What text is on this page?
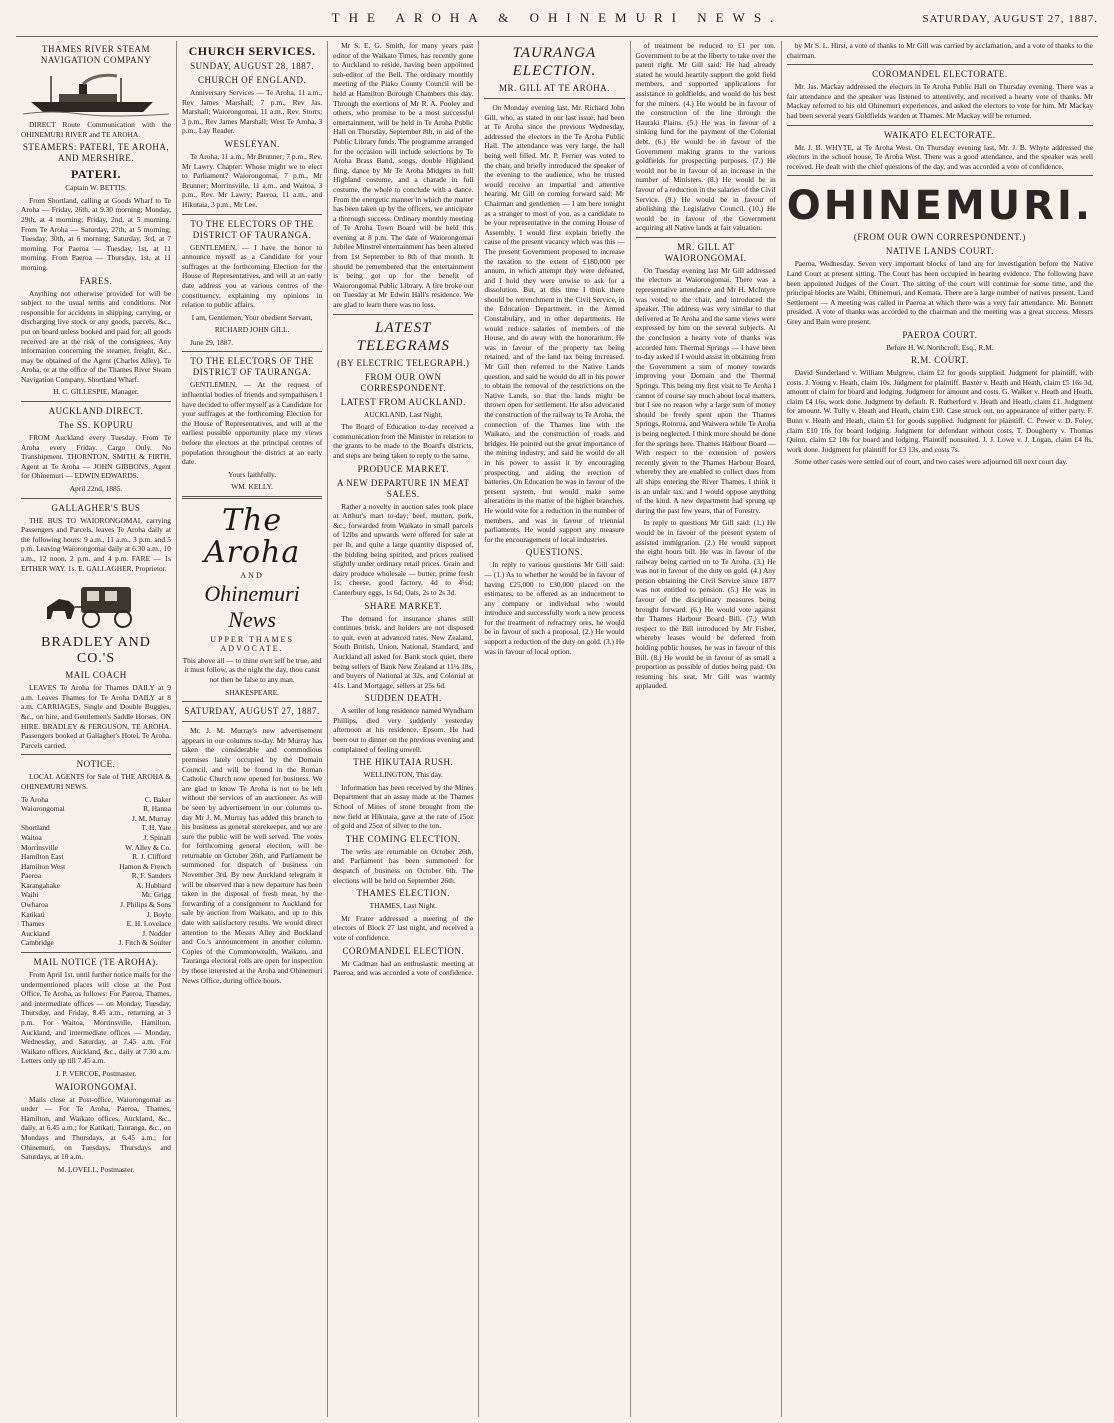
THE AROHA & OHINEMURI NEWS.	SATURDAY, AUGUST 27, 1887.
THAMES RIVER STEAM NAVIGATION COMPANY

DIRECT Route Communication with the OHINEMURI RIVER and TE AROHA.

STEAMERS: PATERI, TE AROHA, AND MERSHIRE.
PATERI.

Captain W. BETTIS.

From Shortland, calling at Goods Wharf to Te Aroha — Friday, 26th, at 9.30 morning; Monday, 29th, at 4 morning; Friday, 2nd, at 5 morning. From Te Aroha — Saturday, 27th, at 5 morning; Tuesday, 30th, at 6 morning; Saturday, 3rd, at 7 morning. For Paeroa — Tuesday, 1st, at 11 morning. From Paeroa — Thursday, 1st, at 11 morning.

FARES.

Anything not otherwise provided for will be subject to the usual terms and conditions. Not responsible for accidents in shipping, carrying, or discharging live stock or any goods, parcels, &c., put on board unless booked and paid for; all goods received are at the risk of the consignees. Any information concerning the steamer, freight, &c., may be obtained of the Agent (Charles Alley), Te Aroha, or at the office of the Thames River Steam Navigation Company, Shortland Wharf.

H. C. GILLESPIE, Manager.

AUCKLAND DIRECT.
The SS. KOPURU

FROM Auckland every Tuesday. From Te Aroha every Friday. Cargo Only. No Transhipment. THORNTON, SMITH & FIRTH, Agent at Te Aroha — JOHN GIBBONS. Agent for Ohinemuri — EDWIN EDWARDS.

April 22nd, 1885.

GALLAGHER'S BUS

THE BUS TO WAIORONGOMAI, carrying Passengers and Parcels, leaves Te Aroha daily at the following hours: 9 a.m., 11 a.m., 3 p.m. and 5 p.m. Leaving Waiorongomai daily at 6.30 a.m., 10 a.m., 12 noon, 2 p.m. and 4 p.m. FARE — 1s EITHER WAY. 1s. E. GALLAGHER, Proprietor.

BRADLEY AND CO.'S
MAIL COACH

LEAVES Te Aroha for Thames DAILY at 9 a.m. Leaves Thames for Te Aroha DAILY at 8 a.m. CARRIAGES, Single and Double Buggies, &c., on hire, and Gentlemen's Saddle Horses, ON HIRE. BRADLEY & FERGUSON, TE AROHA. Passengers booked at Gallagher's Hotel, Te Aroha. Parcels carried.

NOTICE.

LOCAL AGENTS for Sale of THE AROHA & OHINEMURI NEWS.

Te Aroha	C. Baker
Waiorongomai	R. Hanna
J. M. Murray
Shortland	T. H. Yate
Waitoa	J. Spinall
Morrinsville	W. Alley & Co.
Hamilton East	R. J. Clifford
Hamilton West	Hamon & French
Paeroa	R. F. Sanders
Karangahake	A. Hubbard
Waihi	Mr. Grigg
Owharoa	J. Philips & Sons
Katikati	J. Boyle
Thames	E. H. Lovelace
Auckland	J. Nodder
Cambridge	J. Fitch & Soulter
MAIL NOTICE (TE AROHA).

From April 1st, until further notice mails for the undermentioned places will close at the Post Office, Te Aroha, as follows: For Paeroa, Thames, and intermediate offices — on Monday, Tuesday, Thursday, and Friday, 8.45 a.m., returning at 3 p.m. For Waitoa, Morrinsville, Hamilton, Auckland, and intermediate offices — Monday, Wednesday, and Saturday, at 7.45 a.m. For Waikato offices, Auckland, &c., daily at 7.30 a.m. Letters only up till 7.45 a.m.

J. P. VERCOE, Postmaster.

WAIORONGOMAI.

Mails close at Post-office, Waiorongomai as under — For Te Aroha, Paeroa, Thames, Hamilton, and Waikato offices, Auckland, &c., daily, at 6.45 a.m.; for Katikati, Tauranga, &c., on Mondays and Thursdays, at 6.45 a.m.; for Ohinemuri, on Tuesdays, Thursdays and Saturdays, at 10 a.m.

M. LOVELL, Postmaster.

CHURCH SERVICES.
SUNDAY, AUGUST 28, 1887.
CHURCH OF ENGLAND.

Anniversary Services — Te Aroha, 11 a.m., Rev James Marshall; 7 p.m., Rev Jas. Marshall; Waiorongomai, 11 a.m., Rev. Storrs; 3 p.m., Rev James Marshall; West Te Aroha, 3 p.m., Lay Reader.

WESLEYAN.

Te Aroha, 11 a.m., Mr Brunner; 7 p.m., Rev. Mr Lawry. Chapter: Whose might we to elect to Parliament? Waiorongomai, 7 p.m., Mr Brunner; Morrinsville, 11 a.m., and Waitoa, 3 p.m., Rev. Mr Lawry; Paeroa, 11 a.m., and Hikutaia, 3 p.m., Mr Lee.

TO THE ELECTORS OF THE DISTRICT OF TAURANGA.

GENTLEMEN, — I have the honor to announce myself as a Candidate for your suffrages at the forthcoming Election for the House of Representatives, and will at an early date address you at various centres of the constituency, explaining my opinions in relation to public affairs.

I am, Gentlemen, Your obedient Servant,

RICHARD JOHN GILL.

June 29, 1887.

TO THE ELECTORS OF THE DISTRICT OF TAURANGA.

GENTLEMEN, — At the request of influential bodies of friends and sympathisers I have decided to offer myself as a Candidate for your suffrages at the forthcoming Election for the House of Representatives, and will at the earliest possible opportunity place my views before the electors at the principal centres of population throughout the district at an early date.

Yours faithfully,

WM. KELLY.

The Aroha
AND
Ohinemuri News
UPPER THAMES ADVOCATE.

This above all — to thine own self be true, and it must follow, as the night the day, thou canst not then be false to any man.

SHAKESPEARE.

SATURDAY, AUGUST 27, 1887.

Mr. J. M. Murray's new advertisement appears in our columns to-day. Mr Murray has taken the considerable and commodious premises lately occupied by the Domain Council, and will be found in the Roman Catholic Church now opened for business. We are glad to know Te Aroha is not to be left without the services of an auctioneer. As will be seen by advertisement in our columns to-day Mr J. M. Murray has added this branch to his business as general storekeeper, and we are sure the public will be well served. The votes for forthcoming general election, will be returnable on October 26th, and Parliament be summoned for dispatch of business on November 3rd. By new Auckland telegram it will be observed that a new departure has been taken in the disposal of fresh meat, by the forwarding of a consignment to Auckland for sale by auction from Waikato, and up to this date with satisfactory results. We would direct attention to the Messrs Alley and Buckland and Co.'s announcement in another column. Copies of the Commonwealth, Waikato, and Tauranga electoral rolls are open for inspection by those interested at the Aroha and Ohinemuri News Office, during office hours.

Mr S. E. G. Smith, for many years past editor of the Waikato Times, has recently gone to Auckland to reside, having been appointed sub-editor of the Bell. The ordinary monthly meeting of the Piako County Council will be held at Hamilton Borough Chambers this day. Through the exertions of Mr R. A. Pooley and others, who promise to be a most successful entertainment, will be held in Te Aroha Public Hall on Thursday, September 8th, in aid of the Public Library funds. The programme arranged for the occasion will include selections by Te Aroha Brass Band, songs, double Highland fling, dance by Mr Te Aroha Midgets in full Highland costume, and a charade in full costume, the whole to conclude with a dance. From the energetic manner in which the matter has been taken up by the officers, we anticipate a thorough success. Ordinary monthly meeting of Te Aroha Town Board will be held this evening at 8 p.m. The date of Waiorongomai Jubilee Minstrel entertainment has been altered from 1st September to 8th of that month. It should be remembered that the entertainment is being got up for the benefit of Waiorongomai Public Library. A fire broke out on Tuesday at Mr Edwin Hall's residence. We are glad to learn there was no loss.

LATEST TELEGRAMS
(BY ELECTRIC TELEGRAPH.)
FROM OUR OWN CORRESPONDENT.
LATEST FROM AUCKLAND.

AUCKLAND, Last Night.

The Board of Education to-day received a communication from the Minister in relation to the grants to be made to the Board's districts, and steps are being taken to reply to the same.

PRODUCE MARKET.
A NEW DEPARTURE IN MEAT SALES.

Rather a novelty in auction sales took place at Arthur's mart to-day; beef, mutton, pork, &c., forwarded from Waikato in small parcels of 12lbs and upwards were offered for sale at per lb, and quite a large quantity disposed of, the bidding being spirited, and prices realised slightly under ordinary retail prices. Grain and dairy produce wholesale — butter, prime fresh 1s; cheese, good factory, 4d to 4½d; Canterbury eggs, 1s 6d; Oats, 2s to 2s 3d.

SHARE MARKET.

The demand for insurance shares still continues brisk, and holders are not disposed to quit, even at advanced rates. New Zealand, South British, Union, National, Standard, and Auckland all asked for. Bank stock quiet, there being sellers of Bank New Zealand at 11½ 18s, and buyers of National at 32s, and Colonial at 41s. Land Mortgage, sellers at 25s 6d.

SUDDEN DEATH.

A settler of long residence named Wyndham Phillips, died very suddenly yesterday afternoon at his residence, Epsom. He had been out to dinner on the previous evening and complained of feeling unwell.

THE HIKUTAIA RUSH.

WELLINGTON, This day.

Information has been received by the Mines Department that an assay made at the Thames School of Mines of stone brought from the new field at Hikutaia, gave at the rate of 15oz of gold and 25oz of silver to the ton.

THE COMING ELECTION.

The writs are returnable on October 26th, and Parliament has been summoned for despatch of business on October 6th. The elections will be held on September 26th.

THAMES ELECTION.

THAMES, Last Night.

Mr Frater addressed a meeting of the electors of Block 27 last night, and received a vote of confidence.

COROMANDEL ELECTION.

Mr Cadman had an enthusiastic meeting at Paeroa, and was accorded a vote of confidence.

TAURANGA ELECTION.
MR. GILL AT TE AROHA.

On Monday evening last, Mr. Richard John Gill, who, as stated in our last issue, had been at Te Aroha since the previous Wednesday, addressed the electors in the Te Aroha Public Hall. The attendance was very large, the hall being well filled. Mr. P. Ferrier was voted to the chair, and briefly introduced the speaker of the evening to the audience, who he trusted would receive an impartial and attentive hearing. Mr Gill on coming forward said: Mr Chairman and gentlemen — I am here tonight as a stranger to most of you, as a candidate to be your representative in the coming House of Assembly. I would first explain briefly the cause of the present vacancy which was this — The present Government proposed to increase the taxation to the extent of £180,000 per annum, in which attempt they were defeated, and I hold they were unwise to ask for a dissolution. But, at this time I think there should be retrenchment in the Civil Service, in the Education Department, in the Armed Constabulary, and in other departments. He would reduce salaries of members of the House, and do away with the honorarium. He was in favour of the property tax being retained, and of the land tax being increased. Mr Gill then referred to the Native Lands question, and said he would do all in his power to obtain the removal of the restrictions on the Native Lands, so that the lands might be thrown open for settlement. He also advocated the construction of the railway to Te Aroha, the connection of the Thames line with the Waikato, and the construction of roads and bridges. He pointed out the great importance of the mining industry, and said he would do all in his power to assist it by encouraging prospecting, and aiding the erection of batteries. On Education he was in favour of the present system, but would make some alterations in the matter of the higher branches. He would vote for a reduction in the number of members, and was in favour of triennial parliaments. He would support any measure for the encouragement of local industries.

QUESTIONS.

In reply to various questions Mr Gill said: — (1.) As to whether he would be in favour of having £25,000 to £30,000 placed on the estimates, to be offered as an inducement to any company or individual who would introduce and successfully work a new process for the treatment of refractory ores, he would be in favour of such a proposal. (2.) He would support a reduction of the duty on gold. (3.) He was in favour of local option.

of treatment be reduced to £1 per ton. Government to be at the liberty to take over the patent right. Mr Gill said: He had already stated he would heartily support the gold field members, and supported applications for assistance to goldfields, and would do his best for the miners. (4.) He would be in favour of the construction of the line through the Hauraki Plains. (5.) He was in favour of a sinking fund for the payment of the Colonial debt. (6.) He would be in favour of the Government making grants to the various goldfields for prospecting purposes. (7.) He would not be in favour of an increase in the number of Ministers. (8.) He would be in favour of a reduction in the salaries of the Civil Service. (9.) He would be in favour of abolishing the Legislative Council. (10.) He would be in favour of the Government acquiring all Native lands at fair valuation.

MR. GILL AT WAIORONGOMAI.

On Tuesday evening last Mr Gill addressed the electors at Waiorongomai. There was a representative attendance and Mr H. McIntyre was voted to the chair, and introduced the speaker. The address was very similar to that delivered at Te Aroha and the same views were expressed by him on the several subjects. At the conclusion a hearty vote of thanks was accorded him. Thermal Springs — I have been to-day asked if I would assist in obtaining from the Government a sum of money towards improving your Domain and the Thermal Springs. This being my first visit to Te Aroha I cannot of course say much about local matters, but I see no reason why a large sum of money should be freely spent upon the Thames Springs, Rotorua, and Waiwera while Te Aroha is being neglected. I think more should be done for the springs here. Thames Harbour Board — With respect to the extension of powers recently given to the Thames Harbour Board, whereby they are enabled to collect dues from all ships entering the River Thames, I think it is an unfair tax, and I would oppose anything of the kind. A new department had sprung up during the past few years, that of Forestry.

In reply to questions Mr Gill said: (1.) He would be in favour of the present system of assisted immigration. (2.) He would support the eight hours bill. He was in favour of the railway being carried on to Te Aroha. (3.) He was not in favour of the duty on gold. (4.) Any person obtaining the Civil Service since 1877 was not entitled to pension. (5.) He was in favour of the disciplinary measures being brought forward. (6.) He would vote against the Thames Harbour Board Bill. (7.) With respect to the Bill introduced by Mr Fisher, whereby leases would be deferred from holding public houses, he was in favour of this Bill. (8.) He would be in favour of as small a proportion as possible of duties being paid. On resuming his seat, Mr Gill was warmly applauded.

by Mr S. L. Hirst, a vote of thanks to Mr Gill was carried by acclamation, and a vote of thanks to the chairman.

COROMANDEL ELECTORATE.

Mr. Jas. Mackay addressed the electors in Te Aroha Public Hall on Thursday evening. There was a fair attendance and the speaker was listened to attentively, and received a hearty vote of thanks. Mr Mackay referred to his old Ohinemuri experiences, and asked the electors to vote for him. Mr Mackay had been several years Goldfields warden at Thames. Mr Mackay will be returned.

WAIKATO ELECTORATE.

Mr. J. B. WHYTE, at Te Aroha West. On Thursday evening last, Mr. J. B. Whyte addressed the electors in the school house, Te Aroha West. There was a good attendance, and the speaker was well received. He dealt with the chief questions of the day, and was accorded a vote of confidence.

OHINEMURI.
(FROM OUR OWN CORRESPONDENT.)
NATIVE LANDS COURT.

Paeroa, Wednesday. Seven very important blocks of land are for investigation before the Native Land Court at present sitting. The Court has been occupied in hearing evidence. The following have been appointed Judges of the Court. The sitting of the court will continue for some time, and the principal blocks are Waihi, Ohinemuri, and Komata. There are a large number of natives present. Land Settlement — A meeting was called in Paeroa at which there was a very fair attendance. Mr. Bennett presided. A vote of thanks was accorded to the chairman and the meeting was a great success. Messrs Grey and Bain were present.

PAEROA COURT.

Before H. W. Northcroft, Esq., R.M.

R.M. COURT.

David Sunderland v. William Mulgrew, claim £2 for goods supplied. Judgment for plaintiff, with costs. J. Young v. Heath, claim 10s. Judgment for plaintiff. Baxter v. Heath and Heath, claim £5 16s 3d, amount of claim for board and lodging. Judgment for amount and costs. G. Walker v. Heath and Heath, claim £4 16s, work done. Judgment by default. R. Rutherford v. Heath and Heath, claim £1. Judgment for amount. W. Tully v. Heath and Heath, claim £10. Case struck out, no appearance of either party. F. Bunn v. Heath and Heath, claim £1 for goods supplied. Judgment for plaintiff. C. Power v. D. Foley, claim £10 10s for board lodging. Judgment for defendant without costs. T. Dougherty v. Thomas Quinn, claim £2 10s for board and lodging. Plaintiff nonsuited. J. J. Lowe v. J. Logan, claim £4 8s, work done. Judgment for plaintiff for £3 13s, and costs 7s.

Some other cases were settled out of court, and two cases were adjourned till next court day.
